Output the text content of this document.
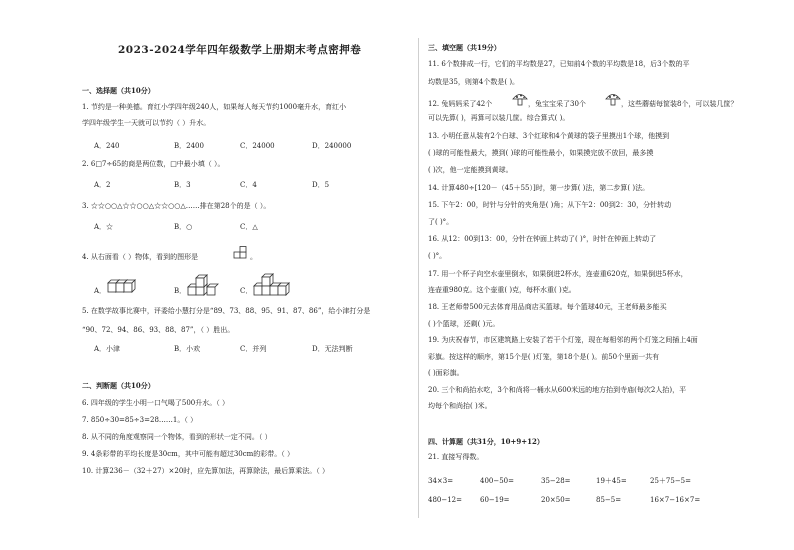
2023-2024学年四年级数学上册期末考点密押卷
一、选择题（共10分）
1. 节约是一种美德。育红小学四年级240人，如果每人每天节约1000毫升水，育红小
学四年级学生一天就可以节约（ ）升水。
A．240	B．2400	C．24000	D．240000
2. 6□7÷65的商是两位数，□中最小填（ ）。
A．2	B．3	C．4	D．5
3. ☆☆○○△☆☆○○△☆☆○○△……排在第28个的是（ ）。
A．☆	B．○	C．△
4. 从右面看（ ）物体，看到的图形是	。
A．	B．	C．
5. 在数学故事比赛中，评委给小慧打分是“89、73、88、95、91、87、86”，给小津打分是
“90、72、94、86、93、88、87”，（ ）胜出。
A．小津	B．小欢	C．并列	D．无法判断
二、判断题（共10分）
6. 四年级的学生小明一口气喝了500升水。（ ）
7. 850÷30=85÷3=28……1。（ ）
8. 从不同的角度观察同一个物体，看到的形状一定不同。（ ）
9. 4条彩带的平均长度是30cm，其中可能有超过30cm的彩带。（ ）
10. 计算236－（32＋27）×20时，应先算加法，再算除法，最后算乘法。（ ）
三、填空题（共19分）
11. 6个数排成一行，它们的平均数是27，已知前4个数的平均数是18，后3个数的平
均数是35，则第4个数是( )。
12. 兔妈妈采了42个	，兔宝宝采了30个	，这些蘑菇每筐装8个，可以装几筐？
可以先算( )，再算可以装几筐。综合算式( )。
13. 小明任意从装有2个白球、3个红球和4个黄球的袋子里摸出1个球，他摸到
( )球的可能性最大，摸到( )球的可能性最小，如果摸完放不放回，最多摸
( )次，他一定能摸到黄球。
14. 计算480÷[120－（45＋55）]时，第一步算( )法，第二步算( )法。
15. 下午2：00，时针与分针的夹角是( )角；从下午2：00到2：30，分针转动
了( )°。
16. 从12：00到13：00，分针在钟面上转动了( )°，时针在钟面上转动了
( )°。
17. 用一个杯子向空水壶里倒水，如果倒进2杯水，连壶重620克，如果倒进5杯水，
连壶重980克。这个壶重( )克，每杯水重( )克。
18. 王老师带500元去体育用品商店买篮球。每个篮球40元，王老师最多能买
( )个篮球，还剩( )元。
19. 为庆祝春节，市区建筑路上安装了若干个灯笼，现在每相邻的两个灯笼之间插上4面
彩旗。按这样的顺序，第15个是( )灯笼，第18个是( )。前50个里面一共有
( )面彩旗。
20. 三个和尚抬水吃，3个和尚将一桶水从600米远的地方抬到寺庙(每次2人抬)，平
均每个和尚抬( )米。
四、计算题（共31分，10+9+12）
21. 直接写得数。
34×3=	400−50=	35−28=	19＋45=	25＋75−5=
480−12=	60−19=	20×50=	85−5=	16×7−16×7=
